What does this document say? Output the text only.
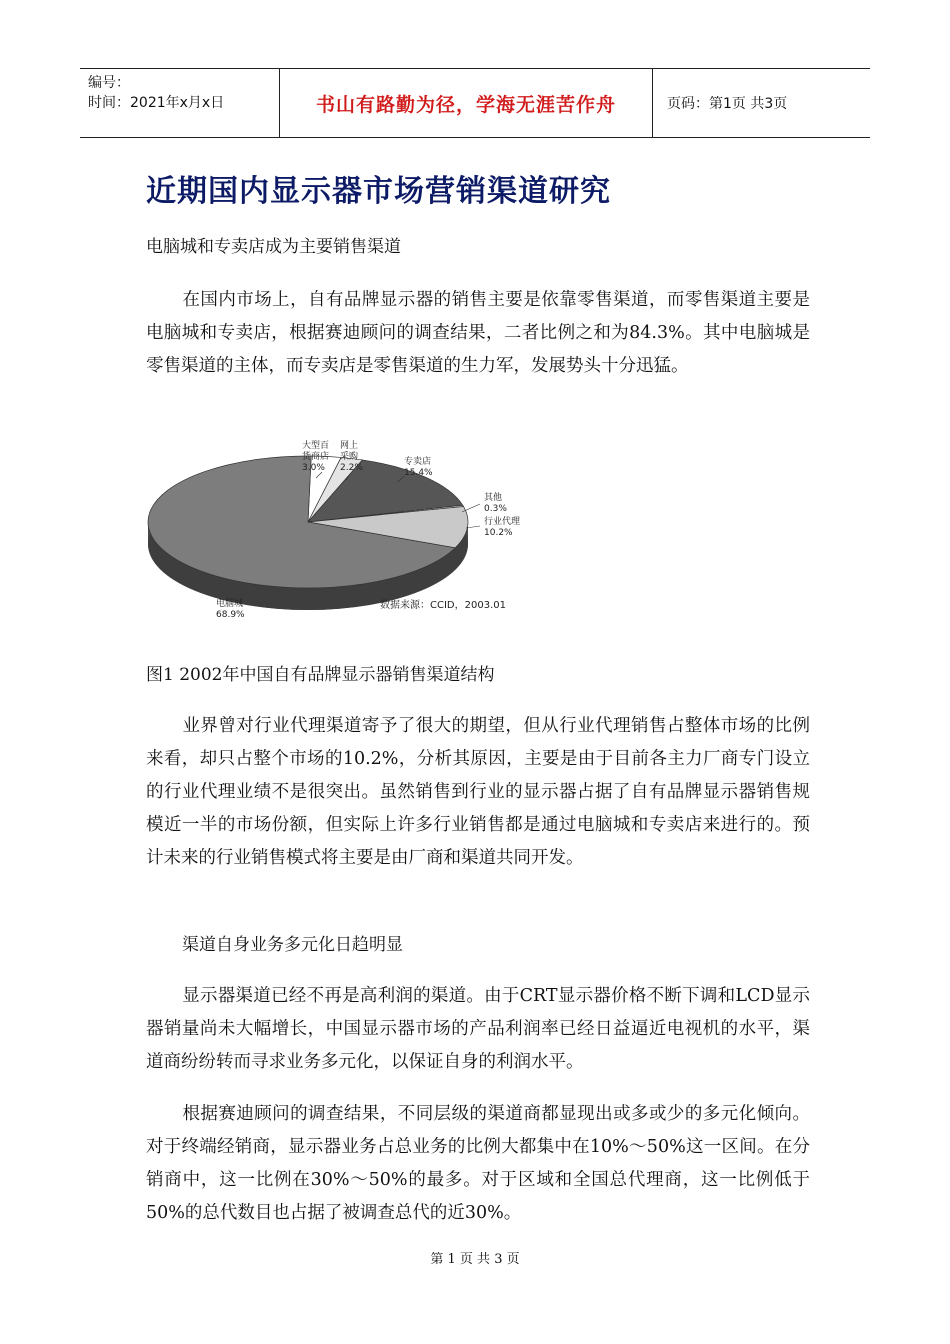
编号：
时间：2021年x月x日	书山有路勤为径，学海无涯苦作舟	页码：第1页 共3页
近期国内显示器市场营销渠道研究
电脑城和专卖店成为主要销售渠道
在国内市场上，自有品牌显示器的销售主要是依靠零售渠道，而零售渠道主要是电脑城和专卖店，根据赛迪顾问的调查结果，二者比例之和为84.3%。其中电脑城是零售渠道的主体，而专卖店是零售渠道的生力军，发展势头十分迅猛。
大型百
货商店
3.0%
网上
采购
2.2%
专卖店
15.4%
其他
0.3%
行业代理
10.2%
电脑城
68.9%
数据来源：CCID，2003.01
图1 2002年中国自有品牌显示器销售渠道结构
业界曾对行业代理渠道寄予了很大的期望，但从行业代理销售占整体市场的比例来看，却只占整个市场的10.2%，分析其原因，主要是由于目前各主力厂商专门设立的行业代理业绩不是很突出。虽然销售到行业的显示器占据了自有品牌显示器销售规模近一半的市场份额，但实际上许多行业销售都是通过电脑城和专卖店来进行的。预计未来的行业销售模式将主要是由厂商和渠道共同开发。
渠道自身业务多元化日趋明显
显示器渠道已经不再是高利润的渠道。由于CRT显示器价格不断下调和LCD显示器销量尚未大幅增长，中国显示器市场的产品利润率已经日益逼近电视机的水平，渠道商纷纷转而寻求业务多元化，以保证自身的利润水平。
根据赛迪顾问的调查结果，不同层级的渠道商都显现出或多或少的多元化倾向。对于终端经销商，显示器业务占总业务的比例大都集中在10%～50%这一区间。在分销商中，这一比例在30%～50%的最多。对于区域和全国总代理商，这一比例低于50%的总代数目也占据了被调查总代的近30%。
第 1 页 共 3 页
